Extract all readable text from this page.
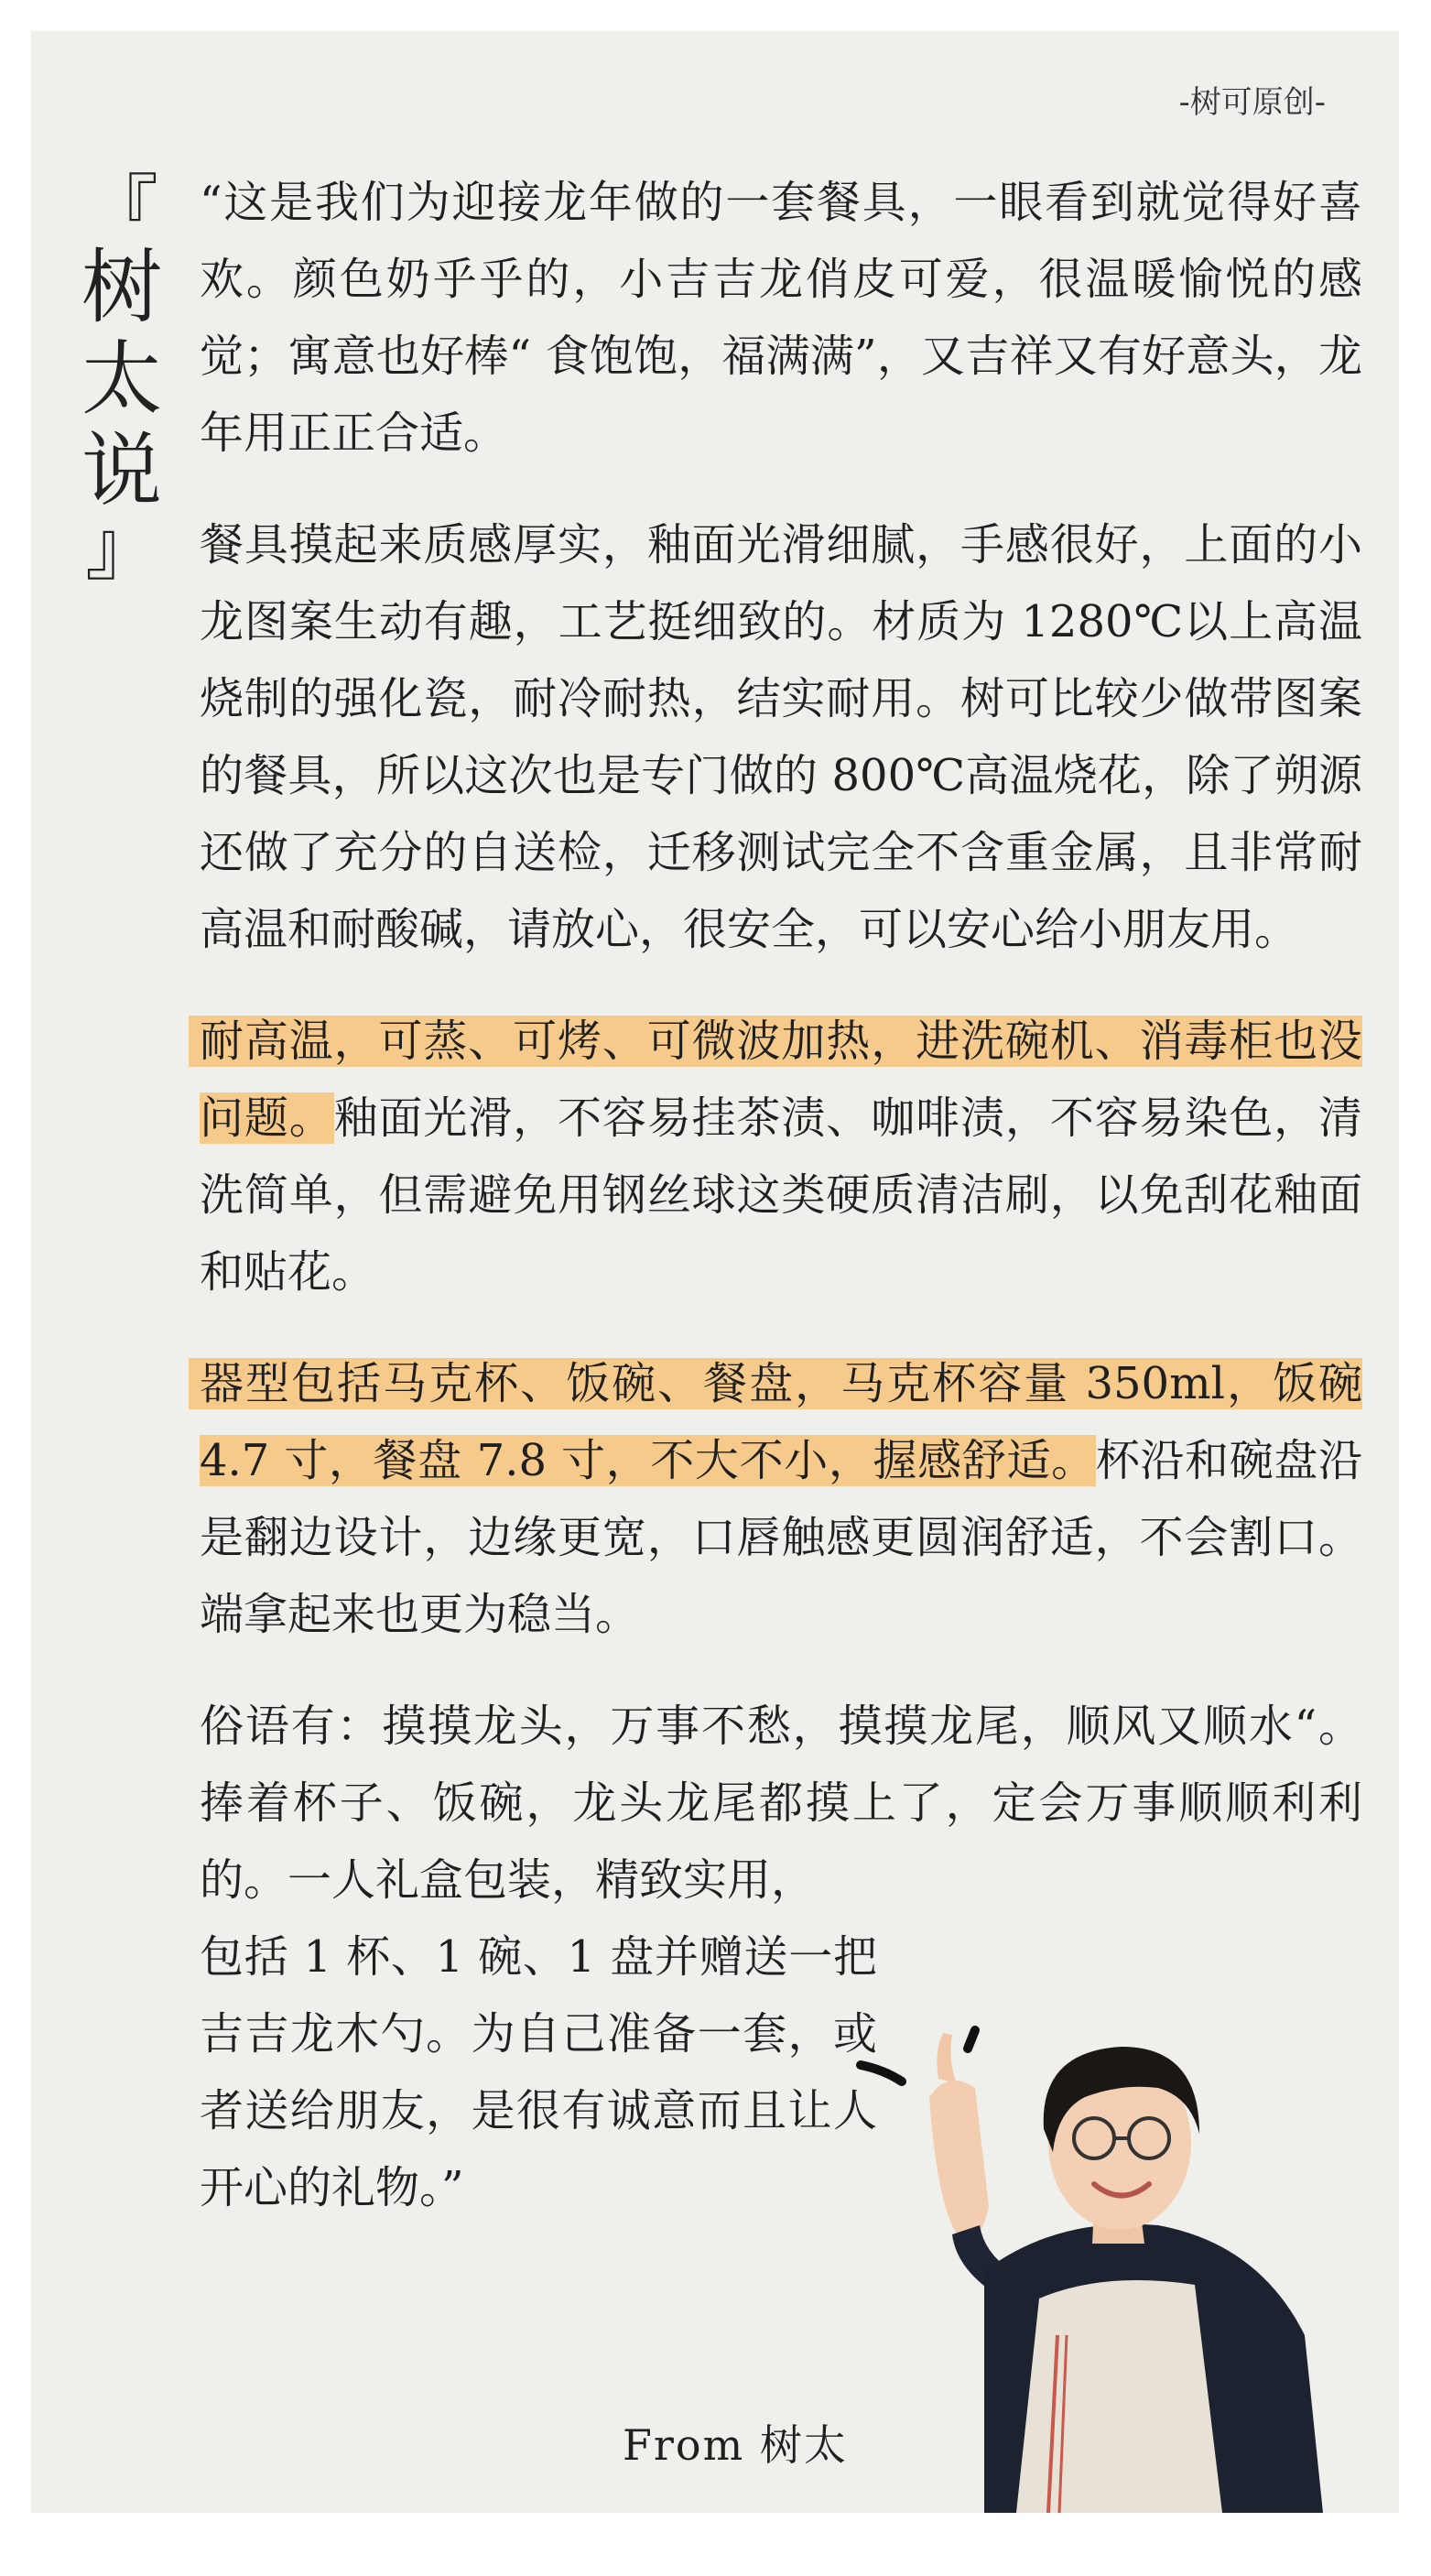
-树可原创-
『
树
太
说
』

“这是我们为迎接龙年做的一套餐具，一眼看到就觉得好喜欢。颜色奶乎乎的，小吉吉龙俏皮可爱，很温暖愉悦的感觉；寓意也好棒“ 食饱饱，福满满”，又吉祥又有好意头，龙年用正正合适。

餐具摸起来质感厚实，釉面光滑细腻，手感很好，上面的小龙图案生动有趣，工艺挺细致的。材质为 1280℃以上高温烧制的强化瓷，耐冷耐热，结实耐用。树可比较少做带图案的餐具，所以这次也是专门做的 800℃高温烧花，除了朔源还做了充分的自送检，迁移测试完全不含重金属，且非常耐高温和耐酸碱，请放心，很安全，可以安心给小朋友用。

耐高温，可蒸、可烤、可微波加热，进洗碗机、消毒柜也没问题。釉面光滑，不容易挂茶渍、咖啡渍，不容易染色，清洗简单，但需避免用钢丝球这类硬质清洁刷，以免刮花釉面和贴花。

器型包括马克杯、饭碗、餐盘，马克杯容量 350ml，饭碗 4.7 寸，餐盘 7.8 寸，不大不小，握感舒适。杯沿和碗盘沿是翻边设计，边缘更宽，口唇触感更圆润舒适，不会割口。端拿起来也更为稳当。

俗语有：摸摸龙头，万事不愁，摸摸龙尾，顺风又顺水“。捧着杯子、饭碗，龙头龙尾都摸上了，定会万事顺顺利利的。一人礼盒包装，精致实用，

包括 1 杯、1 碗、1 盘并赠送一把吉吉龙木勺。为自己准备一套，或者送给朋友，是很有诚意而且让人开心的礼物。”

From 树太
